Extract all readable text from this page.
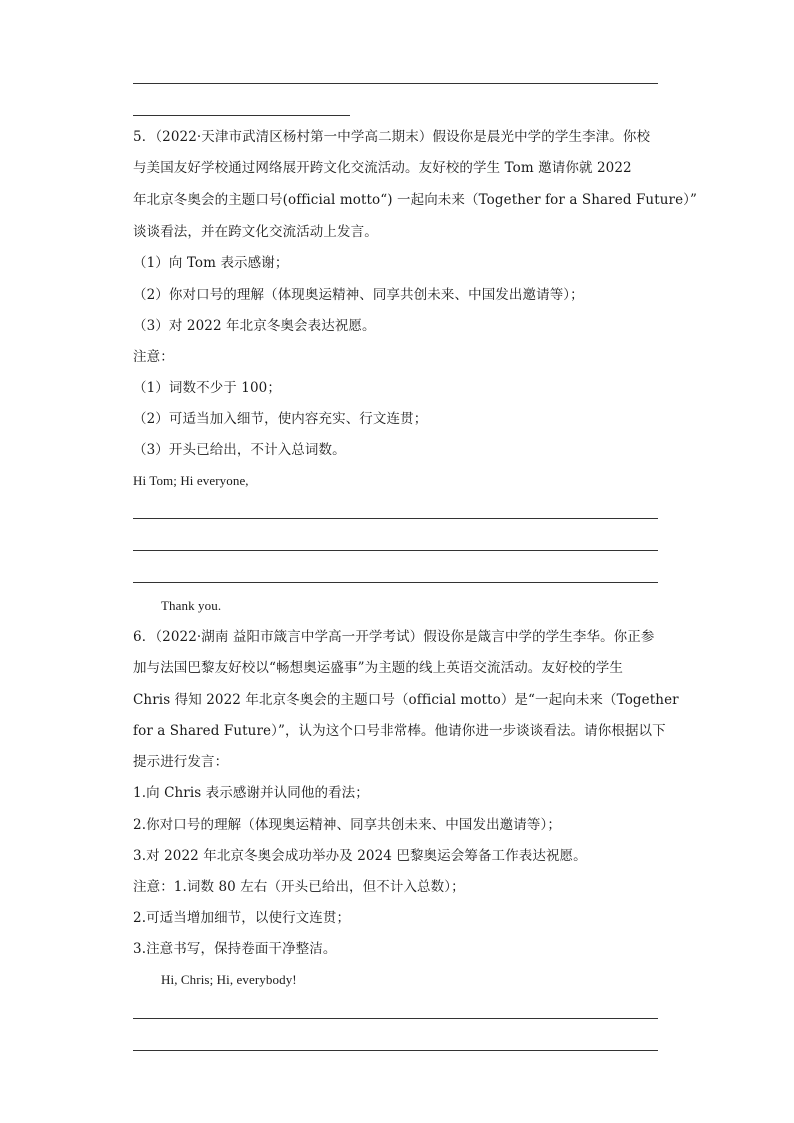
5．（2022·天津市武清区杨村第一中学高二期末）假设你是晨光中学的学生李津。你校
与美国友好学校通过网络展开跨文化交流活动。友好校的学生 Tom 邀请你就 2022
年北京冬奥会的主题口号(official motto“) 一起向未来（Together for a Shared Future）”
谈谈看法，并在跨文化交流活动上发言。
（1）向 Tom 表示感谢；
（2）你对口号的理解（体现奥运精神、同享共创未来、中国发出邀请等）；
（3）对 2022 年北京冬奥会表达祝愿。
注意：
（1）词数不少于 100；
（2）可适当加入细节，使内容充实、行文连贯；
（3）开头已给出，不计入总词数。
Hi Tom; Hi everyone,
Thank you.
6．（2022·湖南 益阳市箴言中学高一开学考试）假设你是箴言中学的学生李华。你正参
加与法国巴黎友好校以“畅想奥运盛事”为主题的线上英语交流活动。友好校的学生
Chris 得知 2022 年北京冬奥会的主题口号（official motto）是“一起向未来（Together
for a Shared Future）”，认为这个口号非常棒。他请你进一步谈谈看法。请你根据以下
提示进行发言：
1.向 Chris 表示感谢并认同他的看法；
2.你对口号的理解（体现奥运精神、同享共创未来、中国发出邀请等）；
3.对 2022 年北京冬奥会成功举办及 2024 巴黎奥运会筹备工作表达祝愿。
注意：1.词数 80 左右（开头已给出，但不计入总数）；
2.可适当增加细节，以使行文连贯；
3.注意书写，保持卷面干净整洁。
Hi, Chris; Hi, everybody!
